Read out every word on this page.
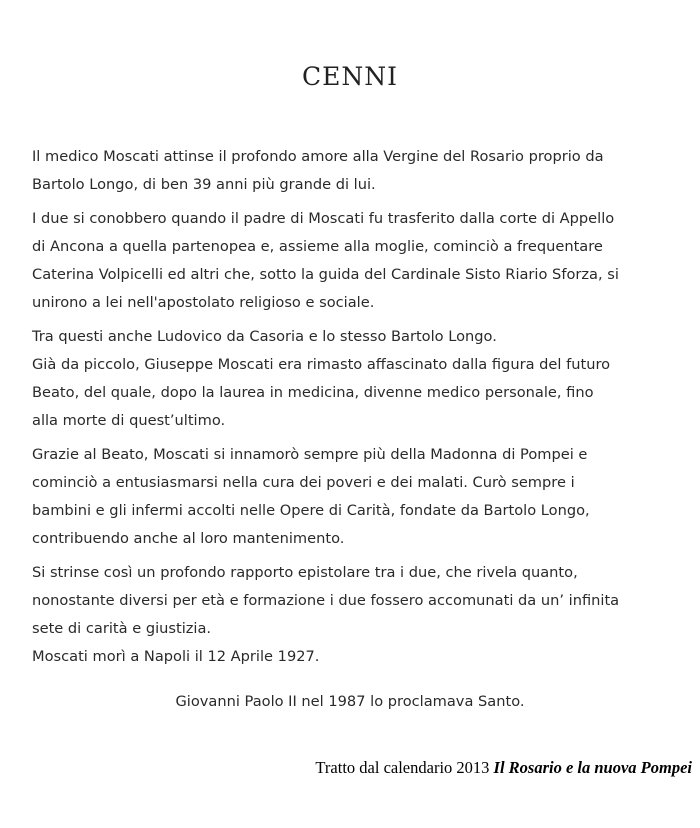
CENNI

Il medico Moscati attinse il profondo amore alla Vergine del Rosario proprio da
Bartolo Longo, di ben 39 anni più grande di lui.

I due si conobbero quando il padre di Moscati fu trasferito dalla corte di Appello
di Ancona a quella partenopea e, assieme alla moglie, cominciò a frequentare
Caterina Volpicelli ed altri che, sotto la guida del Cardinale Sisto Riario Sforza, si
unirono a lei nell'apostolato religioso e sociale.

Tra questi anche Ludovico da Casoria e lo stesso Bartolo Longo.
Già da piccolo, Giuseppe Moscati era rimasto affascinato dalla figura del futuro
Beato, del quale, dopo la laurea in medicina, divenne medico personale, fino
alla morte di quest’ultimo.

Grazie al Beato, Moscati si innamorò sempre più della Madonna di Pompei e
cominciò a entusiasmarsi nella cura dei poveri e dei malati. Curò sempre i
bambini e gli infermi accolti nelle Opere di Carità, fondate da Bartolo Longo,
contribuendo anche al loro mantenimento.

Si strinse così un profondo rapporto epistolare tra i due, che rivela quanto,
nonostante diversi per età e formazione i due fossero accomunati da un’ infinita
sete di carità e giustizia.
Moscati morì a Napoli il 12 Aprile 1927.

Giovanni Paolo II nel 1987 lo proclamava Santo.
Tratto dal calendario 2013 Il Rosario e la nuova Pompei
